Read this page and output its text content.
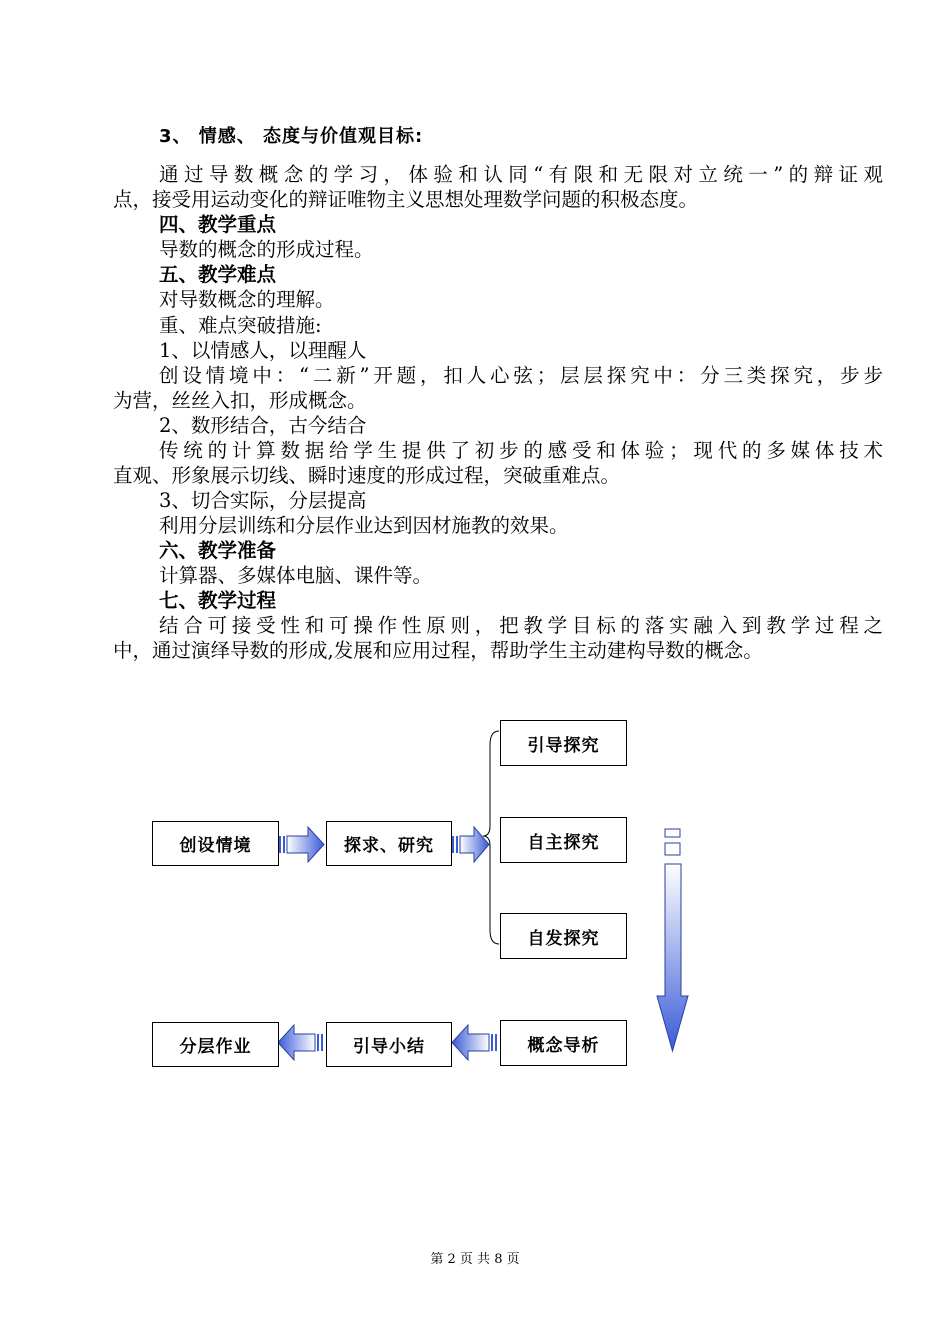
3、 情感、 态度与价值观目标:
通过导数概念的学习，体验和认同“有限和无限对立统一”的辩证观
点，接受用运动变化的辩证唯物主义思想处理数学问题的积极态度。
四、教学重点
导数的概念的形成过程。
五、教学难点
对导数概念的理解。
重、难点突破措施:
1、以情感人，以理醒人
创设情境中：“二新”开题，扣人心弦；层层探究中：分三类探究，步步
为营，丝丝入扣，形成概念。
2、数形结合，古今结合
传统的计算数据给学生提供了初步的感受和体验；现代的多媒体技术
直观、形象展示切线、瞬时速度的形成过程，突破重难点。
3、切合实际，分层提高
利用分层训练和分层作业达到因材施教的效果。
六、教学准备
计算器、多媒体电脑、课件等。
七、教学过程
结合可接受性和可操作性原则，把教学目标的落实融入到教学过程之
中，通过演绎导数的形成,发展和应用过程，帮助学生主动建构导数的概念。
创设情境	探求、研究
引导探究
自主探究
自发探究
概念导析
引导小结
分层作业
第 2 页 共 8 页
